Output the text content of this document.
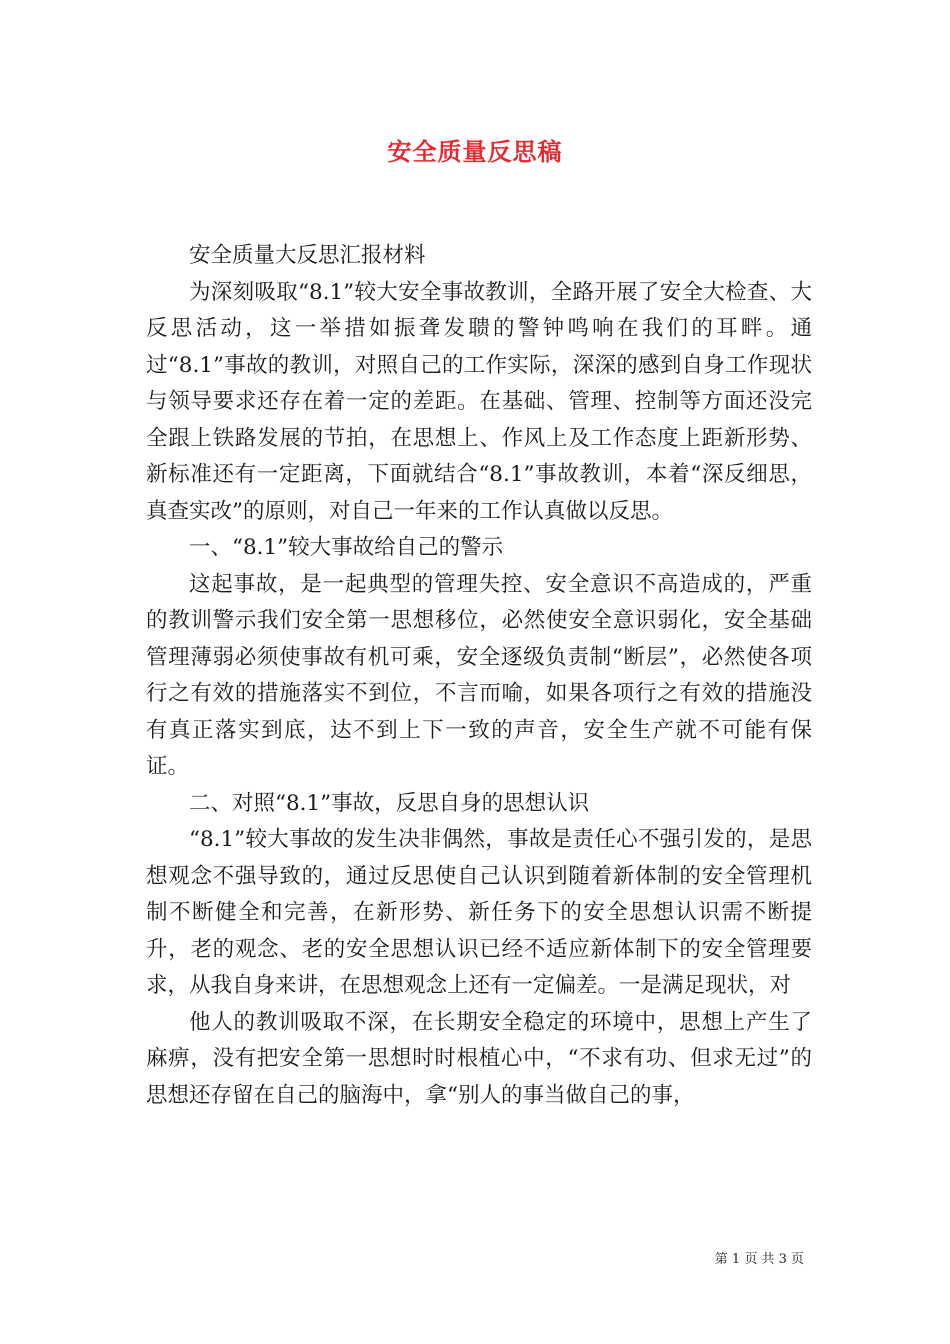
安全质量反思稿

安全质量大反思汇报材料

为深刻吸取“8.1”较大安全事故教训，全路开展了安全大检查、大反思活动，这一举措如振聋发聩的警钟鸣响在我们的耳畔。通过“8.1”事故的教训，对照自己的工作实际，深深的感到自身工作现状与领导要求还存在着一定的差距。在基础、管理、控制等方面还没完全跟上铁路发展的节拍，在思想上、作风上及工作态度上距新形势、新标准还有一定距离，下面就结合“8.1”事故教训，本着“深反细思，真查实改”的原则，对自己一年来的工作认真做以反思。

一、“8.1”较大事故给自己的警示

这起事故，是一起典型的管理失控、安全意识不高造成的，严重的教训警示我们安全第一思想移位，必然使安全意识弱化，安全基础管理薄弱必须使事故有机可乘，安全逐级负责制“断层”，必然使各项行之有效的措施落实不到位，不言而喻，如果各项行之有效的措施没有真正落实到底，达不到上下一致的声音，安全生产就不可能有保证。

二、对照“8.1”事故，反思自身的思想认识

“8.1”较大事故的发生决非偶然，事故是责任心不强引发的，是思想观念不强导致的，通过反思使自己认识到随着新体制的安全管理机制不断健全和完善，在新形势、新任务下的安全思想认识需不断提升，老的观念、老的安全思想认识已经不适应新体制下的安全管理要求，从我自身来讲，在思想观念上还有一定偏差。一是满足现状，对

他人的教训吸取不深，在长期安全稳定的环境中，思想上产生了麻痹，没有把安全第一思想时时根植心中，“不求有功、但求无过”的思想还存留在自己的脑海中，拿“别人的事当做自己的事，

第 1 页 共 3 页
